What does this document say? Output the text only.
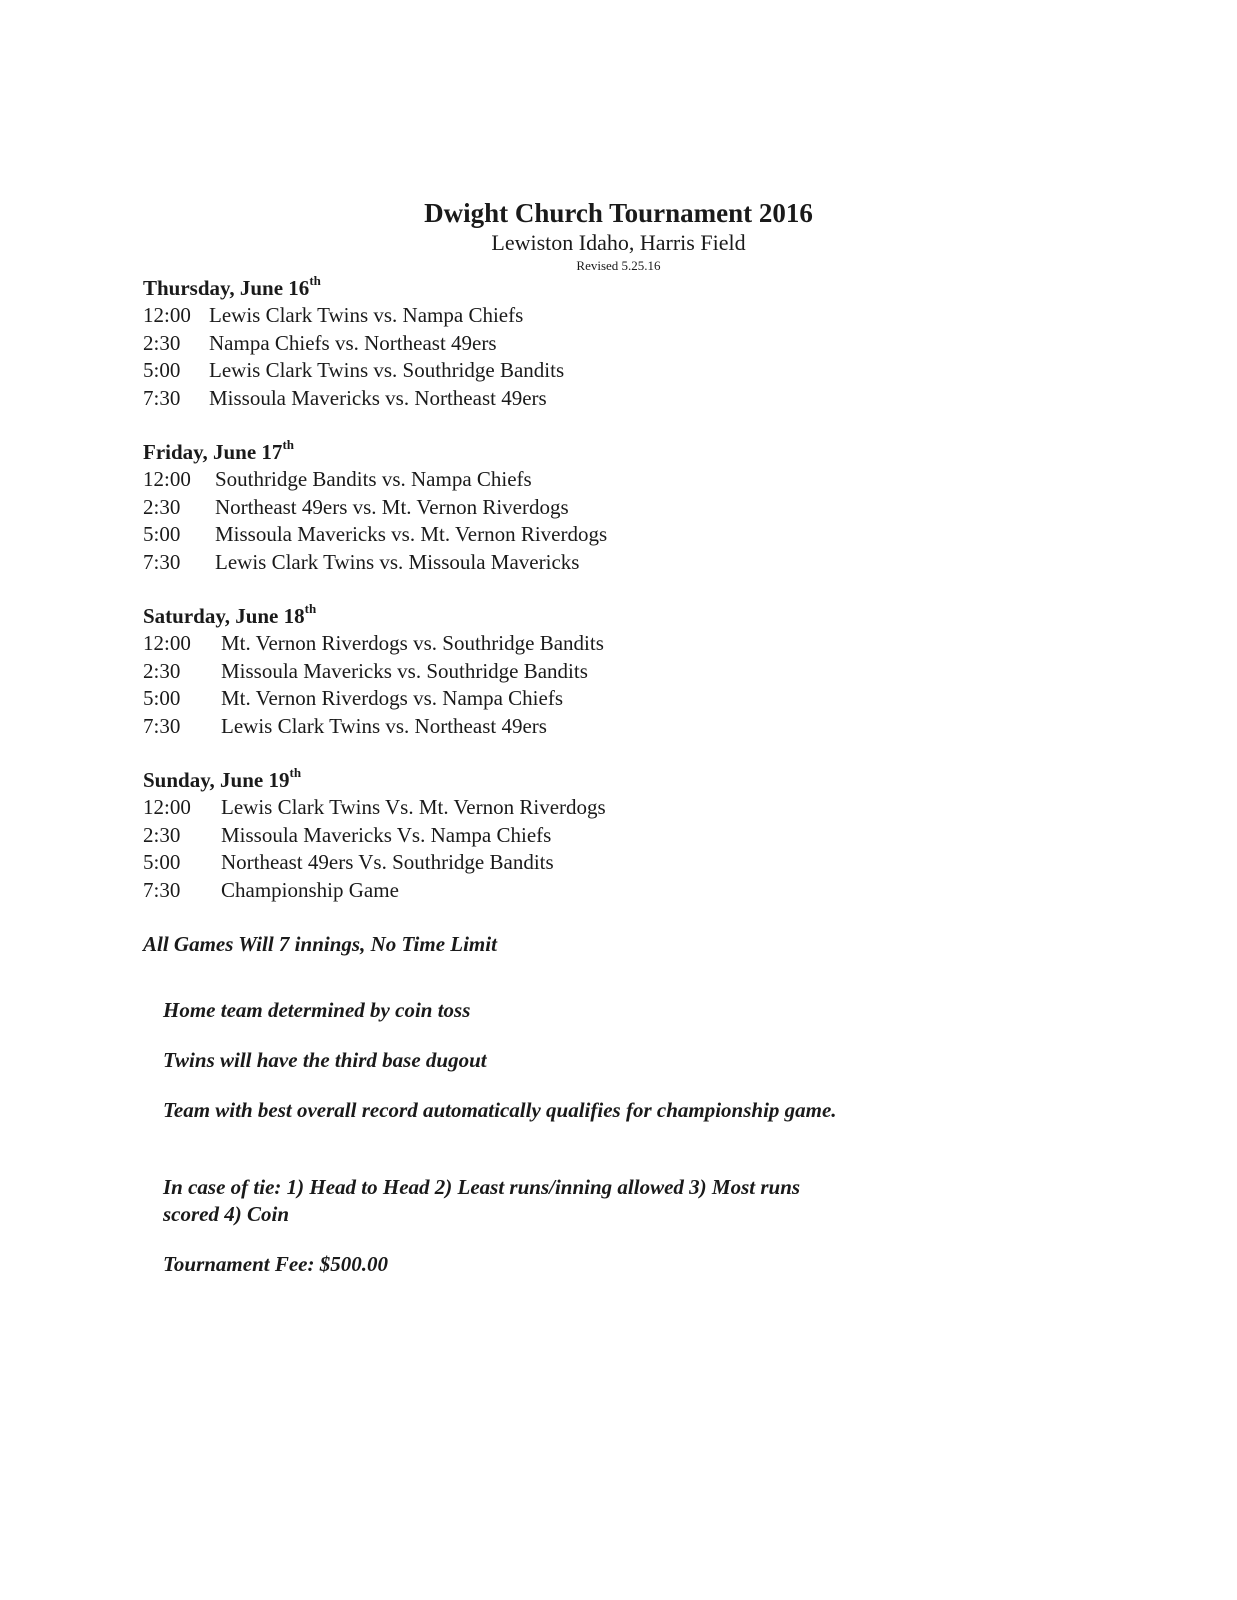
Dwight Church Tournament 2016
Lewiston Idaho, Harris Field
Revised 5.25.16
Thursday, June 16th
12:00 Lewis Clark Twins vs. Nampa Chiefs
2:30	Nampa Chiefs vs. Northeast 49ers
5:00	Lewis Clark Twins vs. Southridge Bandits
7:30	Missoula Mavericks vs. Northeast 49ers
Friday, June 17th
12:00	Southridge Bandits vs. Nampa Chiefs
2:30	Northeast 49ers vs. Mt. Vernon Riverdogs
5:00	Missoula Mavericks vs. Mt. Vernon Riverdogs
7:30	Lewis Clark Twins vs. Missoula Mavericks
Saturday, June 18th
12:00	Mt. Vernon Riverdogs vs. Southridge Bandits
2:30	Missoula Mavericks vs. Southridge Bandits
5:00	Mt. Vernon Riverdogs vs. Nampa Chiefs
7:30	Lewis Clark Twins vs. Northeast 49ers
Sunday, June 19th
12:00	Lewis Clark Twins Vs. Mt. Vernon Riverdogs
2:30	Missoula Mavericks Vs. Nampa Chiefs
5:00	Northeast 49ers Vs. Southridge Bandits
7:30	Championship Game
All Games Will 7 innings, No Time Limit
Home team determined by coin toss
Twins will have the third base dugout
Team with best overall record automatically qualifies for championship game.
In case of tie: 1) Head to Head 2) Least runs/inning allowed 3) Most runs scored 4) Coin
Tournament Fee: $500.00
